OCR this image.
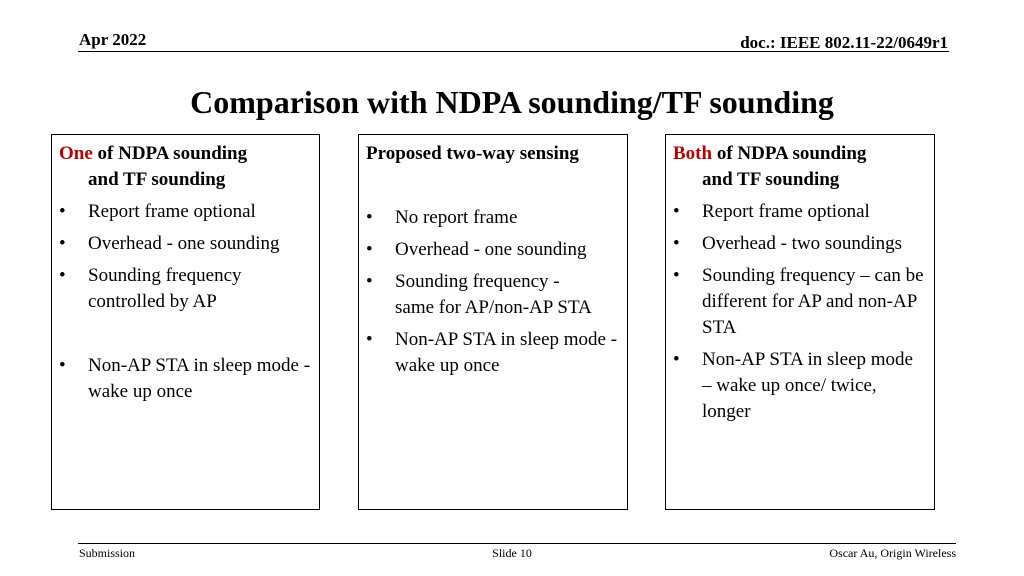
Apr 2022	doc.: IEEE 802.11-22/0649r1
Comparison with NDPA sounding/TF sounding
One of NDPA sounding
and TF sounding
• Report frame optional
• Overhead - one sounding
• Sounding frequency controlled by AP
• Non-AP STA in sleep mode - wake up once
Proposed two-way sensing
• No report frame
• Overhead - one sounding
• Sounding frequency - same for AP/non-AP STA
• Non-AP STA in sleep mode - wake up once
Both of NDPA sounding
and TF sounding
• Report frame optional
• Overhead - two soundings
• Sounding frequency – can be different for AP and non-AP STA
• Non-AP STA in sleep mode – wake up once/ twice, longer
Submission	Slide 10	Oscar Au, Origin Wireless
